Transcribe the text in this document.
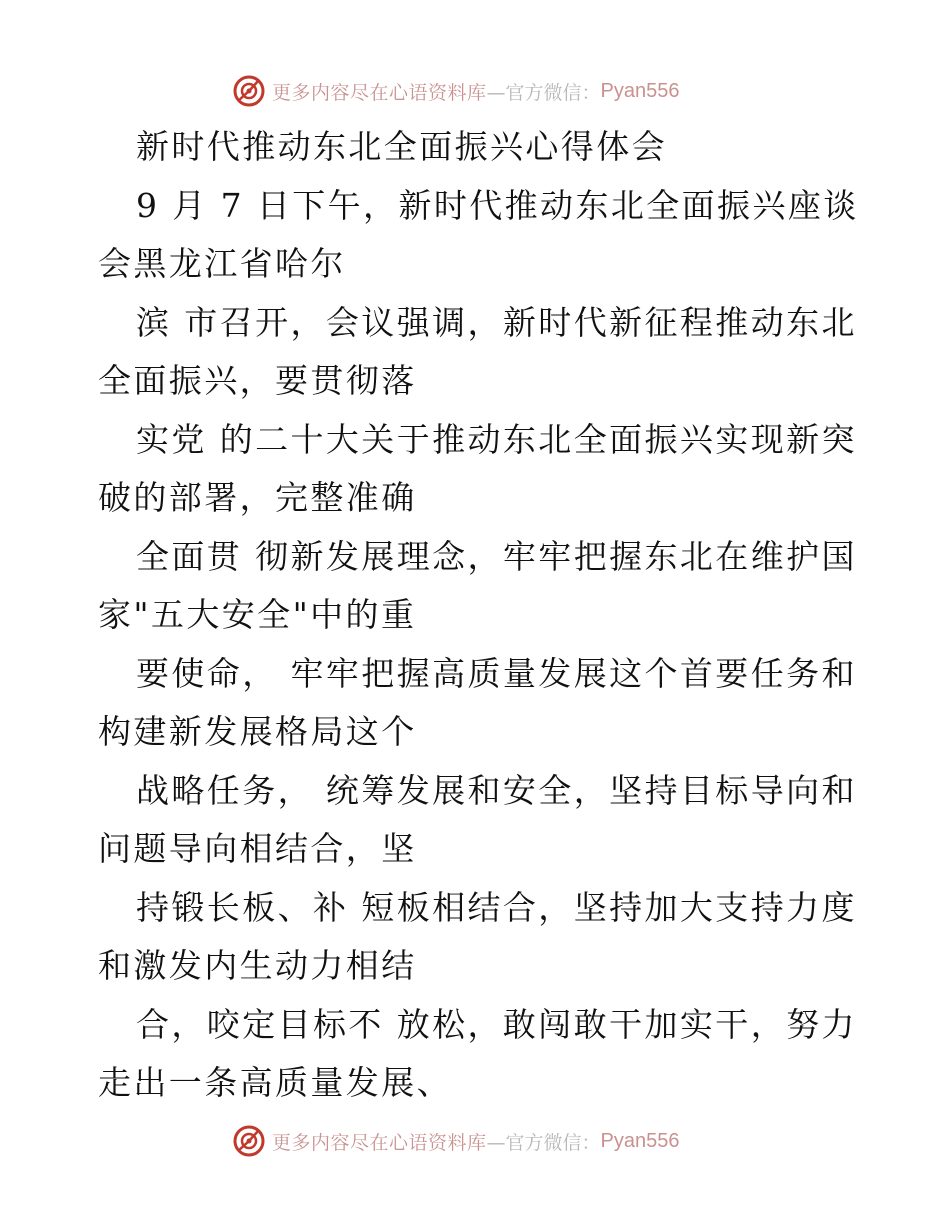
更多内容尽在心语资料库 —官方微信： Pyan556
新时代推动东北全面振兴心得体会
9 月 7 日下午，新时代推动东北全面振兴座谈
会黑龙江省哈尔
滨 市召开，会议强调，新时代新征程推动东北
全面振兴，要贯彻落
实党 的二十大关于推动东北全面振兴实现新突
破的部署，完整准确
全面贯 彻新发展理念，牢牢把握东北在维护国
家"五大安全"中的重
要使命， 牢牢把握高质量发展这个首要任务和
构建新发展格局这个
战略任务， 统筹发展和安全，坚持目标导向和
问题导向相结合，坚
持锻长板、补 短板相结合，坚持加大支持力度
和激发内生动力相结
合，咬定目标不 放松，敢闯敢干加实干，努力
走出一条高质量发展、
更多内容尽在心语资料库 —官方微信： Pyan556
